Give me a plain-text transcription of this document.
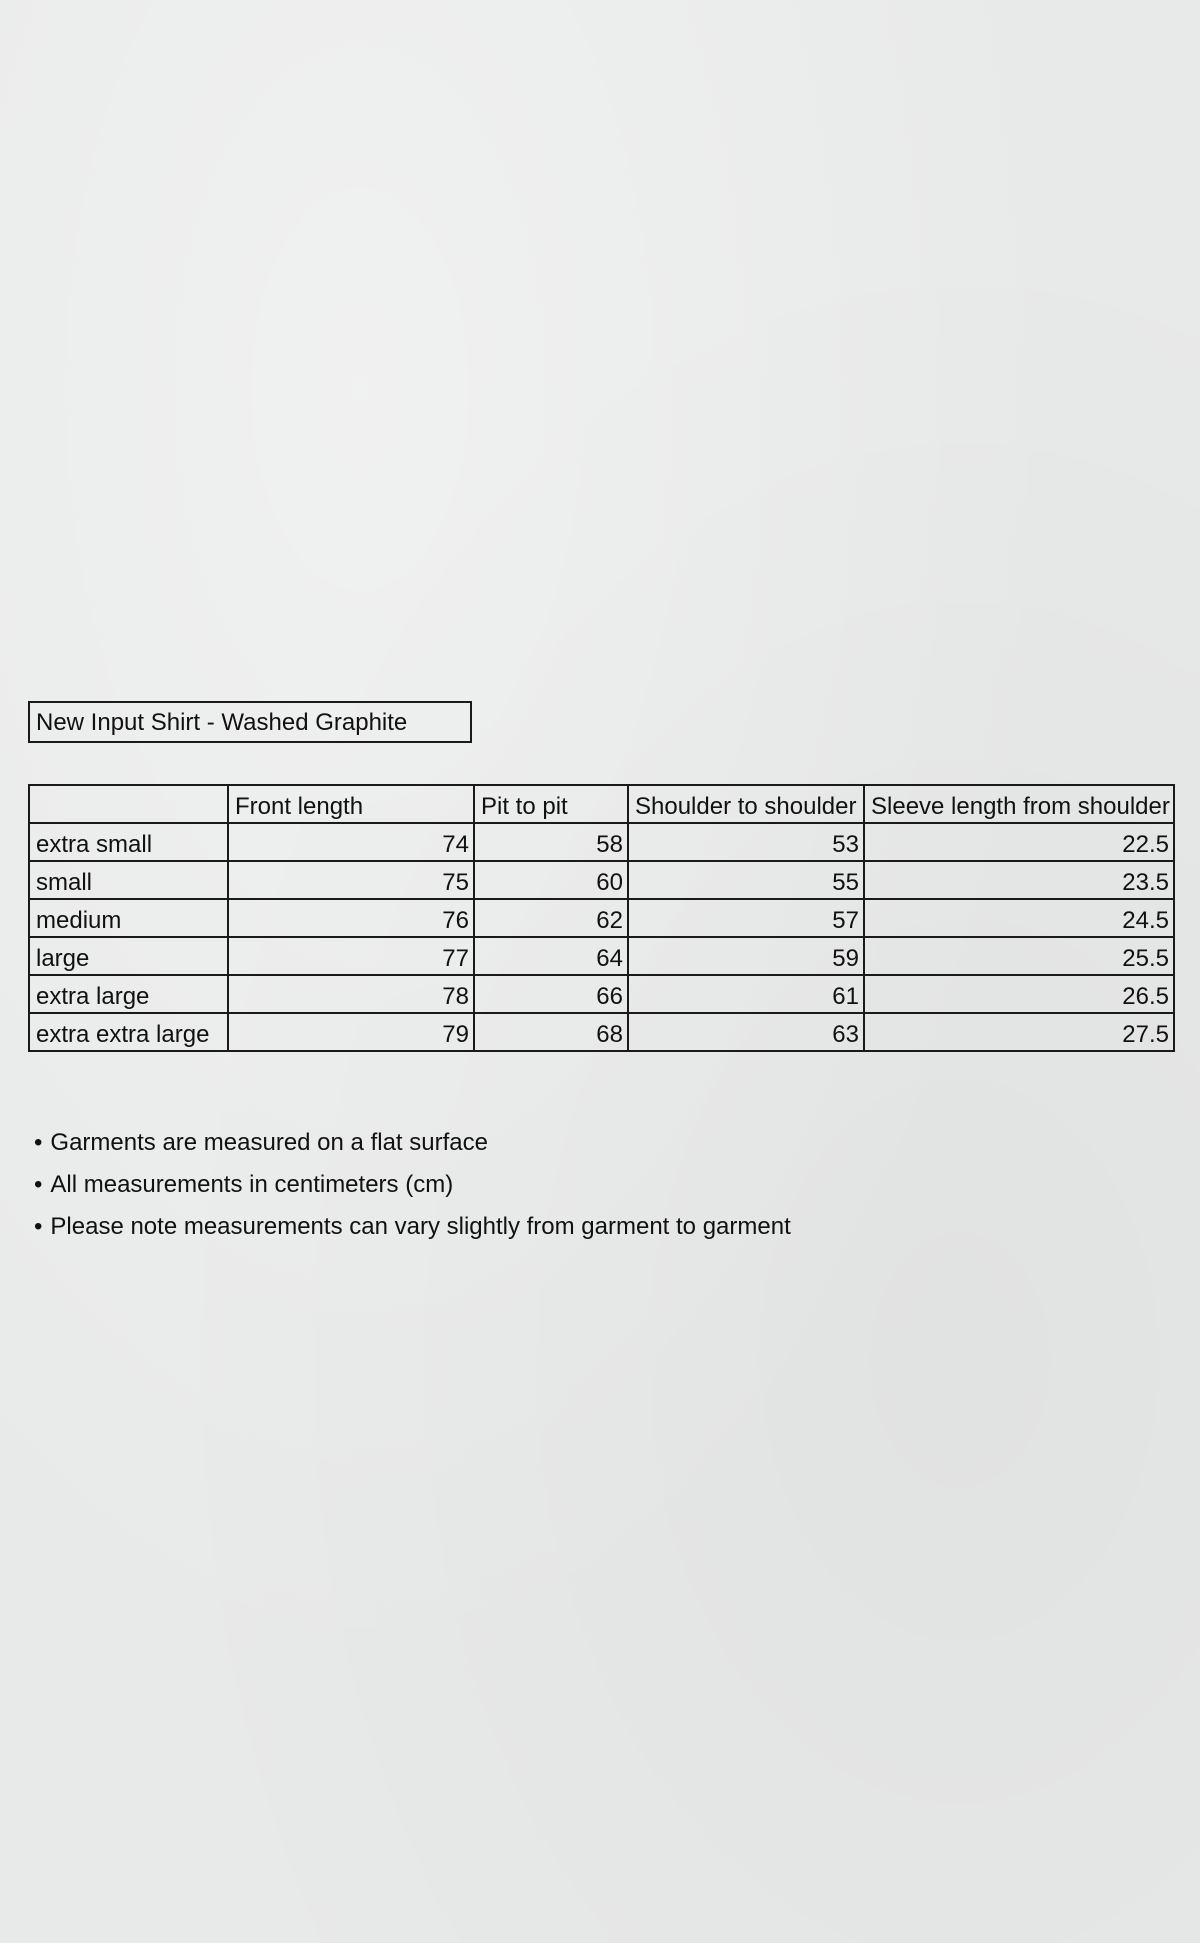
New Input Shirt - Washed Graphite
	Front length	Pit to pit	Shoulder to shoulder	Sleeve length from shoulder
extra small	74	58	53	22.5
small	75	60	55	23.5
medium	76	62	57	24.5
large	77	64	59	25.5
extra large	78	66	61	26.5
extra extra large	79	68	63	27.5
• Garments are measured on a flat surface
• All measurements in centimeters (cm)
• Please note measurements can vary slightly from garment to garment
